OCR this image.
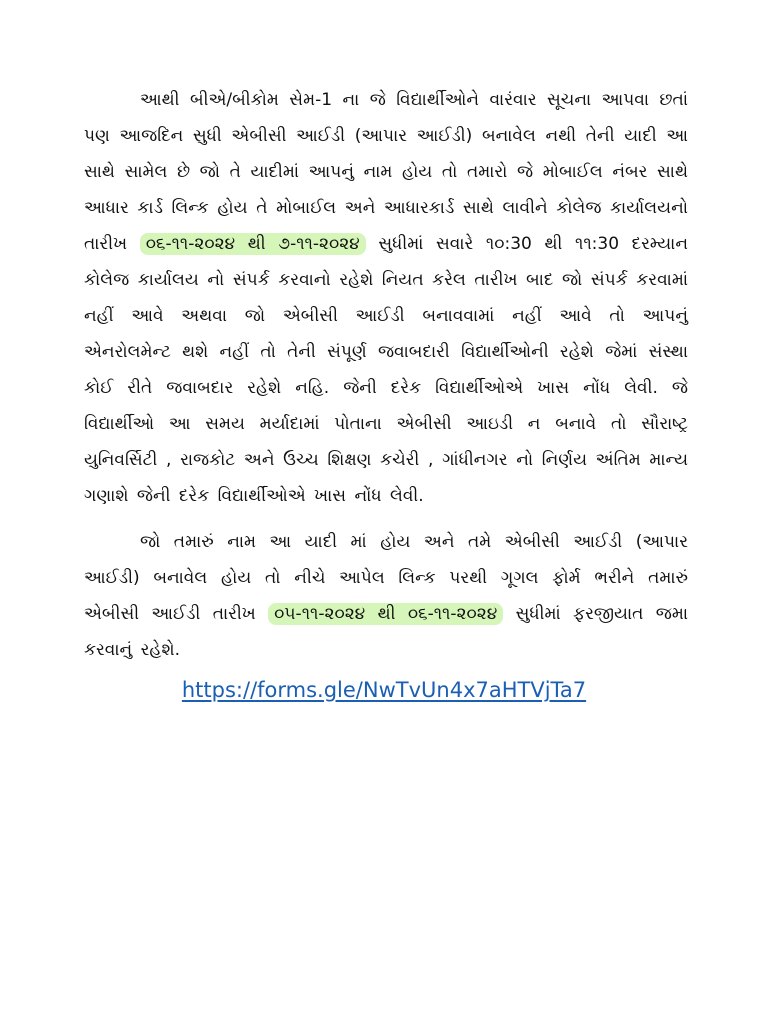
આથી બીએ/બીકોમ સેમ-1 ના જે વિદ્યાર્થીઓને વારંવાર સૂચના આપવા છતાં પણ આજદિન સુધી એબીસી આઈડી (આપાર આઈડી) બનાવેલ નથી તેની યાદી આ સાથે સામેલ છે જો તે યાદીમાં આપનું નામ હોય તો તમારો જે મોબાઈલ નંબર સાથે આધાર કાર્ડ લિન્ક હોય તે મોબાઈલ અને આધારકાર્ડ સાથે લાવીને કોલેજ કાર્યાલયનો તારીખ ૦૬-૧૧-૨૦૨૪ થી ૭-૧૧-૨૦૨૪ સુધીમાં સવારે ૧૦:30 થી ૧૧:30 દરમ્યાન કોલેજ કાર્યાલય નો સંપર્ક કરવાનો રહેશે નિયત કરેલ તારીખ બાદ જો સંપર્ક કરવામાં નહીં આવે અથવા જો એબીસી આઈડી બનાવવામાં નહીં આવે તો આપનું એનરોલમેન્ટ થશે નહીં તો તેની સંપૂર્ણ જવાબદારી વિદ્યાર્થીઓની રહેશે જેમાં સંસ્થા કોઈ રીતે જવાબદાર રહેશે નહિ. જેની દરેક વિદ્યાર્થીઓએ ખાસ નોંધ લેવી. જે વિદ્યાર્થીઓ આ સમય મર્યાદામાં પોતાના એબીસી આઇડી ન બનાવે તો સૌરાષ્ટ્ર યુનિવર્સિટી , રાજકોટ અને ઉચ્ચ શિક્ષણ કચેરી , ગાંધીનગર નો નિર્ણય અંતિમ માન્ય ગણાશે જેની દરેક વિદ્યાર્થીઓએ ખાસ નોંધ લેવી.

જો તમારું નામ આ યાદી માં હોય અને તમે એબીસી આઈડી (આપાર આઈડી) બનાવેલ હોય તો નીચે આપેલ લિન્ક પરથી ગૂગલ ફોર્મ ભરીને તમારું એબીસી આઈડી તારીખ ૦૫-૧૧-૨૦૨૪ થી ૦૬-૧૧-૨૦૨૪ સુધીમાં ફરજીયાત જમા કરવાનું રહેશે.

https://forms.gle/NwTvUn4x7aHTVjTa7
